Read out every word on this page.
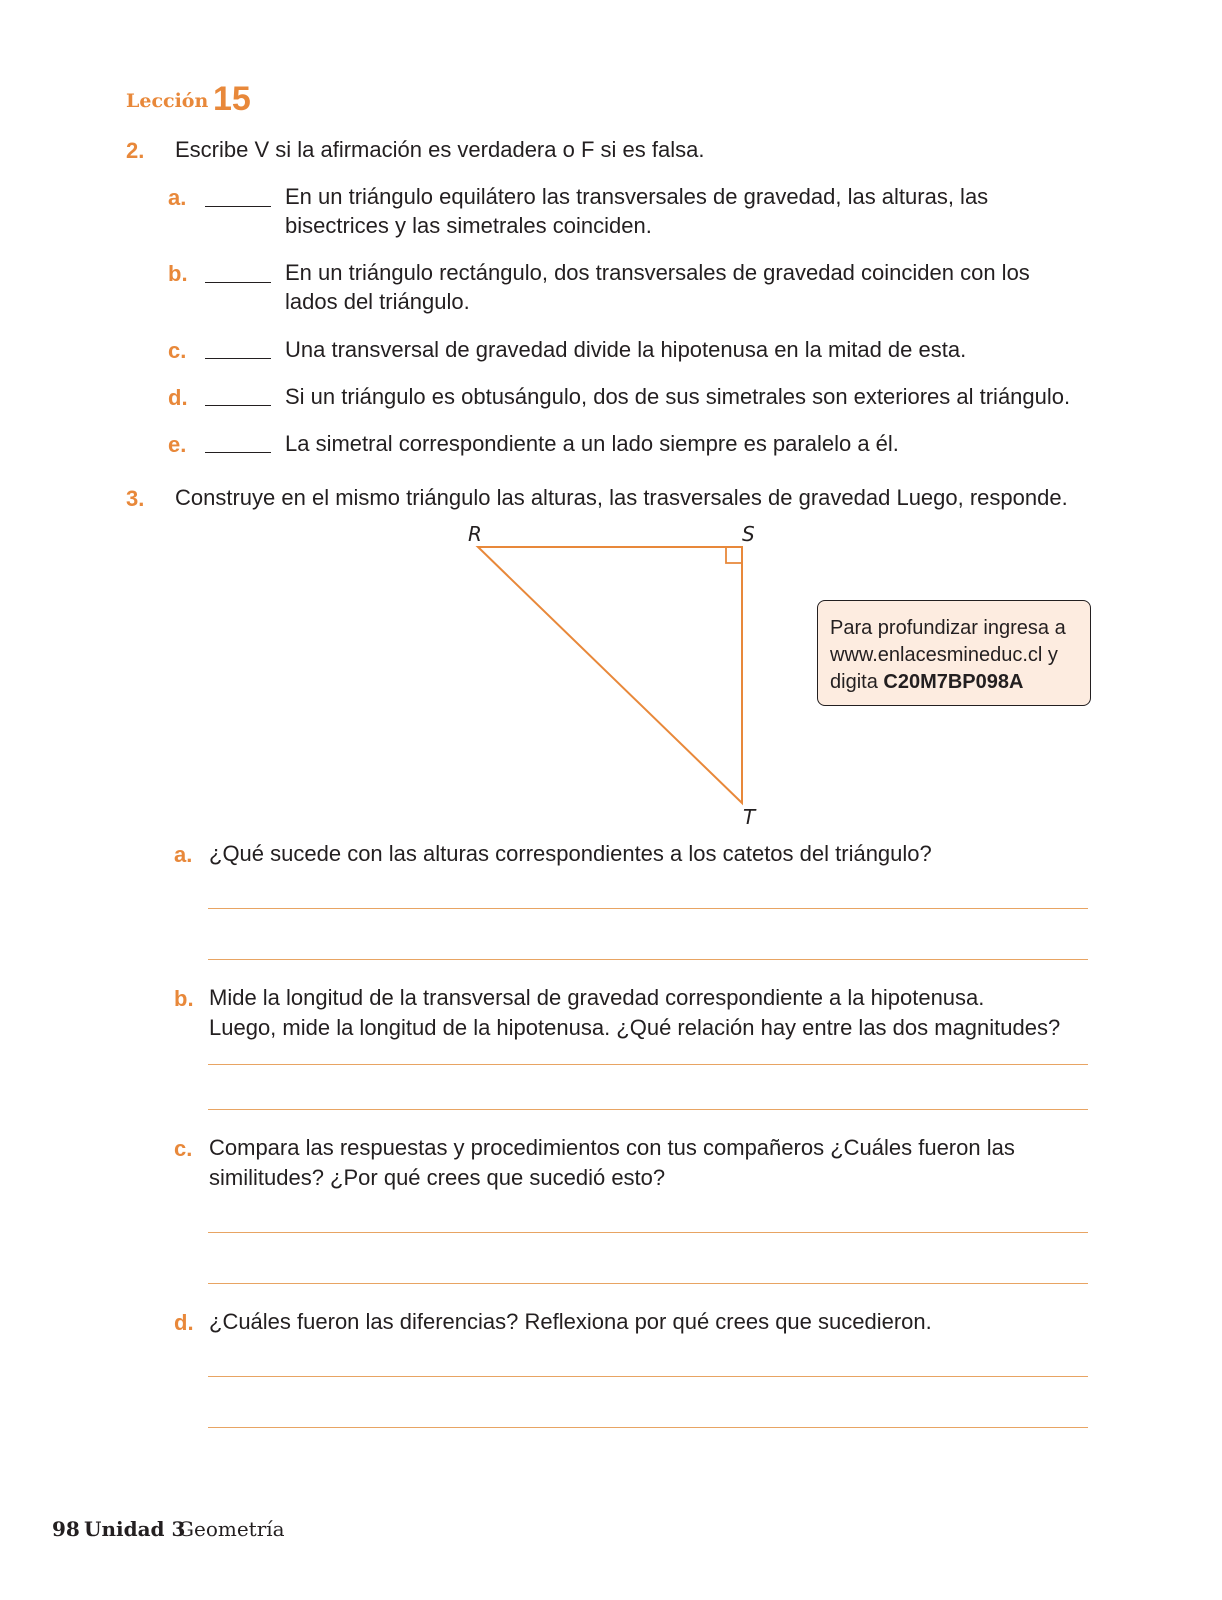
Lección 15
2. Escribe V si la afirmación es verdadera o F si es falsa.
a.	En un triángulo equilátero las transversales de gravedad, las alturas, las
bisectrices y las simetrales coinciden.
b.	En un triángulo rectángulo, dos transversales de gravedad coinciden con los
lados del triángulo.
c.	Una transversal de gravedad divide la hipotenusa en la mitad de esta.
d.	Si un triángulo es obtusángulo, dos de sus simetrales son exteriores al triángulo.
e.	La simetral correspondiente a un lado siempre es paralelo a él.
3. Construye en el mismo triángulo las alturas, las trasversales de gravedad Luego, responde.
R	S
T
Para profundizar ingresa a
www.enlacesmineduc.cl y
digita C20M7BP098A
a. ¿Qué sucede con las alturas correspondientes a los catetos del triángulo?
b. Mide la longitud de la transversal de gravedad correspondiente a la hipotenusa.
Luego, mide la longitud de la hipotenusa. ¿Qué relación hay entre las dos magnitudes?
c. Compara las respuestas y procedimientos con tus compañeros ¿Cuáles fueron las
similitudes? ¿Por qué crees que sucedió esto?
d. ¿Cuáles fueron las diferencias? Reflexiona por qué crees que sucedieron.
98 Unidad 3
Geometría
